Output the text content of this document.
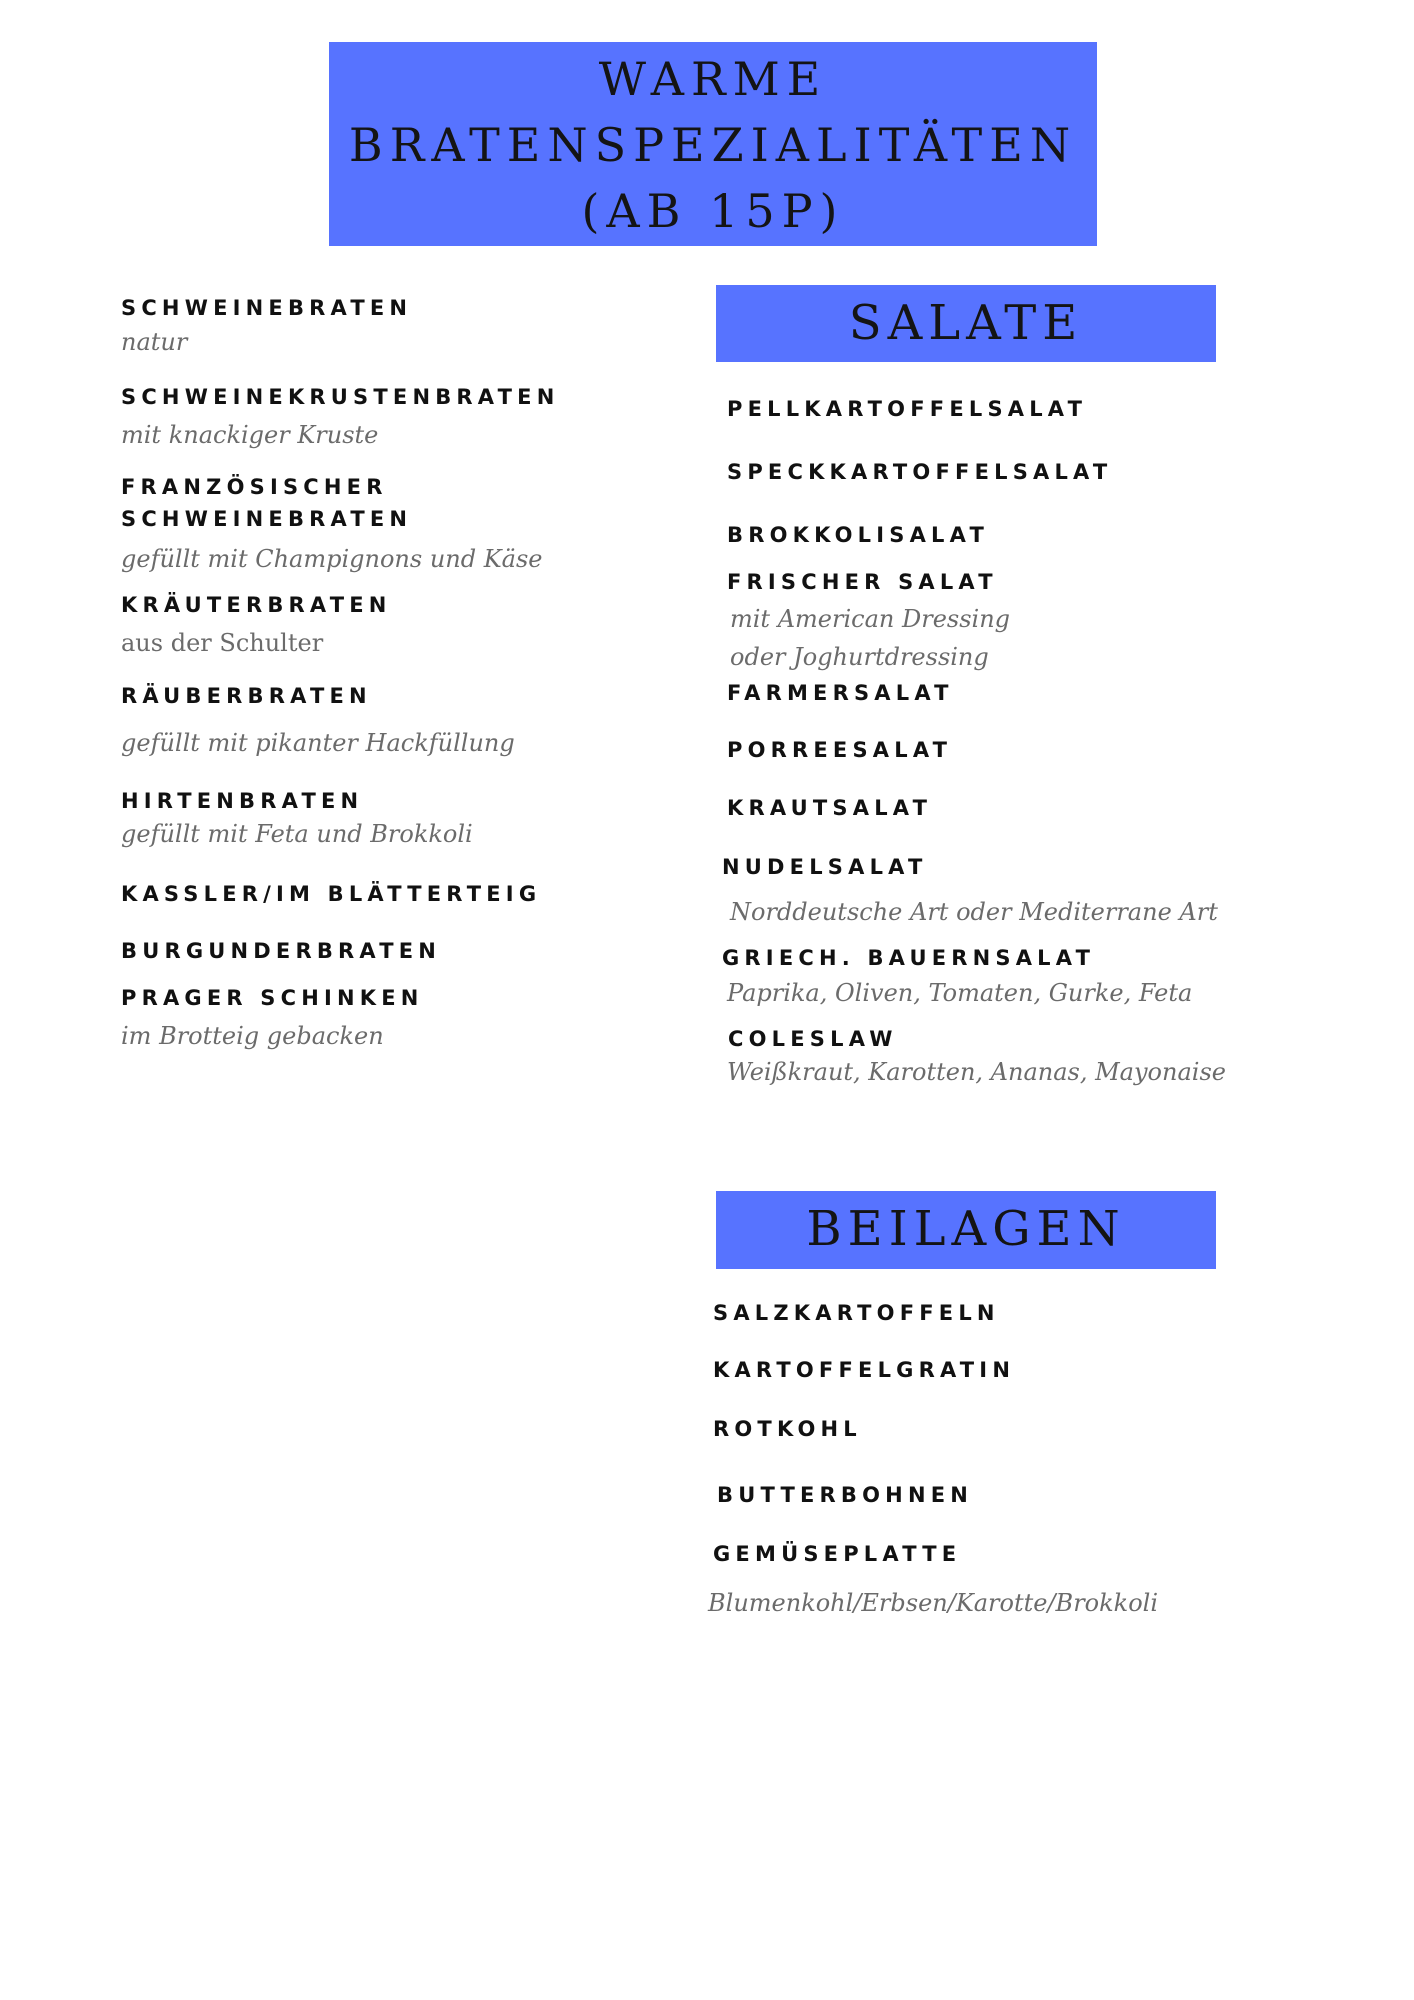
WARME
BRATENSPEZIALITÄTEN
(AB 15P)
SCHWEINEBRATEN
natur
SCHWEINEKRUSTENBRATEN
mit knackiger Kruste
FRANZÖSISCHER
SCHWEINEBRATEN
gefüllt mit Champignons und Käse
KRÄUTERBRATEN
aus der Schulter
RÄUBERBRATEN
gefüllt mit pikanter Hackfüllung
HIRTENBRATEN
gefüllt mit Feta und Brokkoli
KASSLER/IM BLÄTTERTEIG
BURGUNDERBRATEN
PRAGER SCHINKEN
im Brotteig gebacken
SALATE
PELLKARTOFFELSALAT
SPECKKARTOFFELSALAT
BROKKOLISALAT
FRISCHER SALAT
mit American Dressing
oder Joghurtdressing
FARMERSALAT
PORREESALAT
KRAUTSALAT
NUDELSALAT
Norddeutsche Art oder Mediterrane Art
GRIECH. BAUERNSALAT
Paprika, Oliven, Tomaten, Gurke, Feta
COLESLAW
Weißkraut, Karotten, Ananas, Mayonaise
BEILAGEN
SALZKARTOFFELN
KARTOFFELGRATIN
ROTKOHL
BUTTERBOHNEN
GEMÜSEPLATTE
Blumenkohl/Erbsen/Karotte/Brokkoli
